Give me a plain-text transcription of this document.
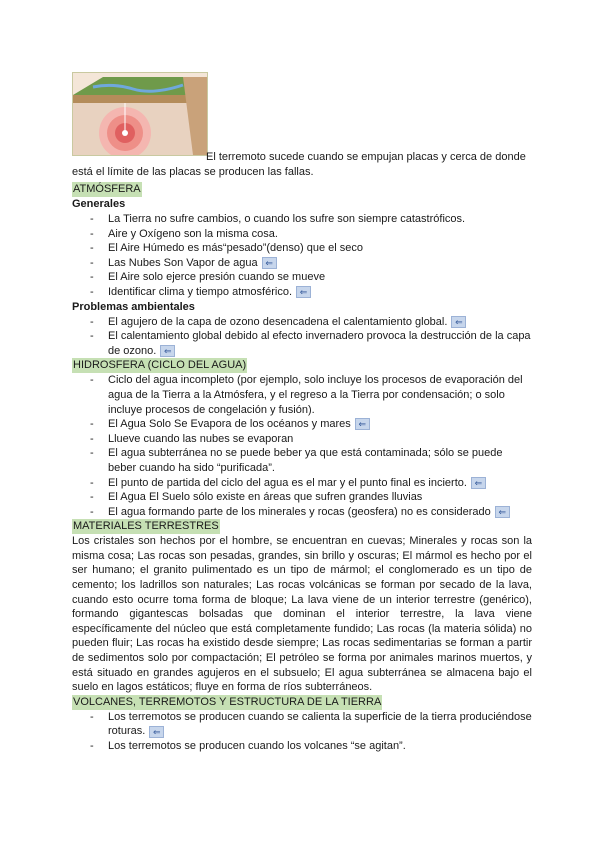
El terremoto sucede cuando se empujan placas y cerca de donde está el límite de las placas se producen las fallas.
ATMÓSFERA
Generales
- La Tierra no sufre cambios, o cuando los sufre son siempre catastróficos.
- Aire y Oxígeno son la misma cosa.
- El Aire Húmedo es más“pesado”(denso) que el seco
- Las Nubes Son Vapor de agua ⇐
- El Aire solo ejerce presión cuando se mueve
- Identificar clima y tiempo atmosférico. ⇐
Problemas ambientales
- El agujero de la capa de ozono desencadena el calentamiento global. ⇐
- El calentamiento global debido al efecto invernadero provoca la destrucción de la capa de ozono. ⇐
HIDROSFERA (CICLO DEL AGUA)
- Ciclo del agua incompleto (por ejemplo, solo incluye los procesos de evaporación del agua de la Tierra a la Atmósfera, y el regreso a la Tierra por condensación; o solo incluye procesos de congelación y fusión).
- El Agua Solo Se Evapora de los océanos y mares ⇐
- Llueve cuando las nubes se evaporan
- El agua subterránea no se puede beber ya que está contaminada; sólo se puede beber cuando ha sido “purificada”.
- El punto de partida del ciclo del agua es el mar y el punto final es incierto. ⇐
- El Agua El Suelo sólo existe en áreas que sufren grandes lluvias
- El agua formando parte de los minerales y rocas (geosfera) no es considerado ⇐
MATERIALES TERRESTRES
Los cristales son hechos por el hombre, se encuentran en cuevas; Minerales y rocas son la misma cosa; Las rocas son pesadas, grandes, sin brillo y oscuras; El mármol es hecho por el ser humano; el granito pulimentado es un tipo de mármol; el conglomerado es un tipo de cemento; los ladrillos son naturales; Las rocas volcánicas se forman por secado de la lava, cuando esto ocurre toma forma de bloque; La lava viene de un interior terrestre (genérico), formando gigantescas bolsadas que dominan el interior terrestre, la lava viene específicamente del núcleo que está completamente fundido; Las rocas (la materia sólida) no pueden fluir; Las rocas ha existido desde siempre; Las rocas sedimentarias se forman a partir de sedimentos solo por compactación; El petróleo se forma por animales marinos muertos, y está situado en grandes agujeros en el subsuelo; El agua subterránea se almacena bajo el suelo en lagos estáticos; fluye en forma de ríos subterráneos.
VOLCANES, TERREMOTOS Y ESTRUCTURA DE LA TIERRA
- Los terremotos se producen cuando se calienta la superficie de la tierra produciéndose roturas. ⇐
- Los terremotos se producen cuando los volcanes “se agitan”.
